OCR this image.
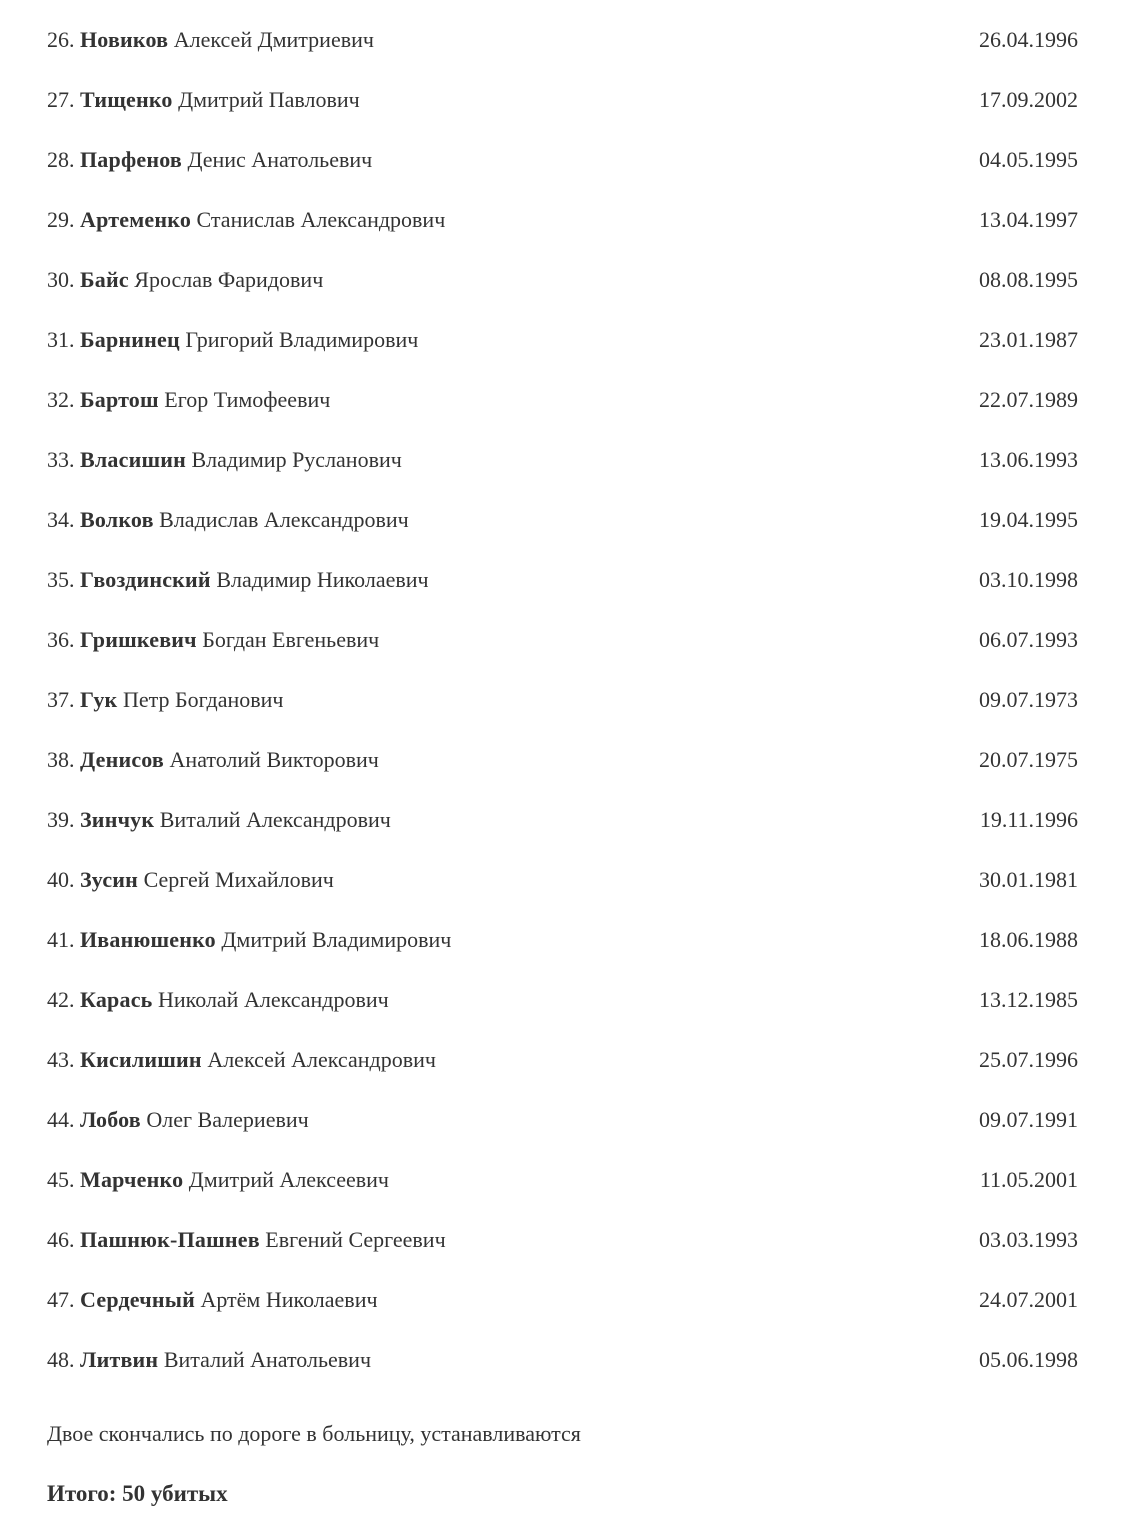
26. Новиков Алексей Дмитриевич	26.04.1996
27. Тищенко Дмитрий Павлович	17.09.2002
28. Парфенов Денис Анатольевич	04.05.1995
29. Артеменко Станислав Александрович	13.04.1997
30. Байс Ярослав Фаридович	08.08.1995
31. Барнинец Григорий Владимирович	23.01.1987
32. Бартош Егор Тимофеевич	22.07.1989
33. Власишин Владимир Русланович	13.06.1993
34. Волков Владислав Александрович	19.04.1995
35. Гвоздинский Владимир Николаевич	03.10.1998
36. Гришкевич Богдан Евгеньевич	06.07.1993
37. Гук Петр Богданович	09.07.1973
38. Денисов Анатолий Викторович	20.07.1975
39. Зинчук Виталий Александрович	19.11.1996
40. Зусин Сергей Михайлович	30.01.1981
41. Иванюшенко Дмитрий Владимирович	18.06.1988
42. Карась Николай Александрович	13.12.1985
43. Кисилишин Алексей Александрович	25.07.1996
44. Лобов Олег Валериевич	09.07.1991
45. Марченко Дмитрий Алексеевич	11.05.2001
46. Пашнюк-Пашнев Евгений Сергеевич	03.03.1993
47. Сердечный Артём Николаевич	24.07.2001
48. Литвин Виталий Анатольевич	05.06.1998
Двое скончались по дороге в больницу, устанавливаются
Итого: 50 убитых
